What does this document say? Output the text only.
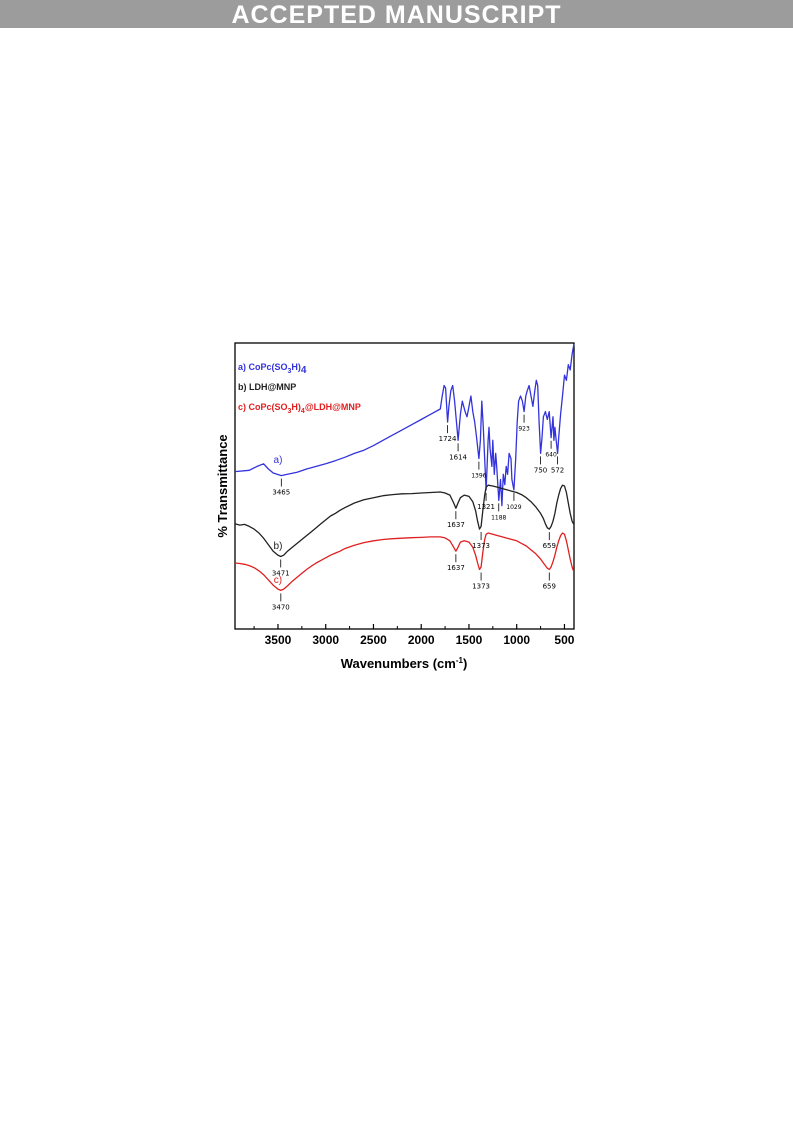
ACCEPTED MANUSCRIPT
a)
b)
c)
3465
1724
1614
1396
1321
1188
1029
923
750
640
572
3471
1637
1373	659
3470
1637
1373	659
3500 3000 2500 2000 1500 1000 500
a) $CoPc(SO_3H)4$
b) LDH@MNP
c) $CoPc(SO_3H)_4@LDH@MNP$
% Transmittance
Wavenumbers $(cm^{-1})$
